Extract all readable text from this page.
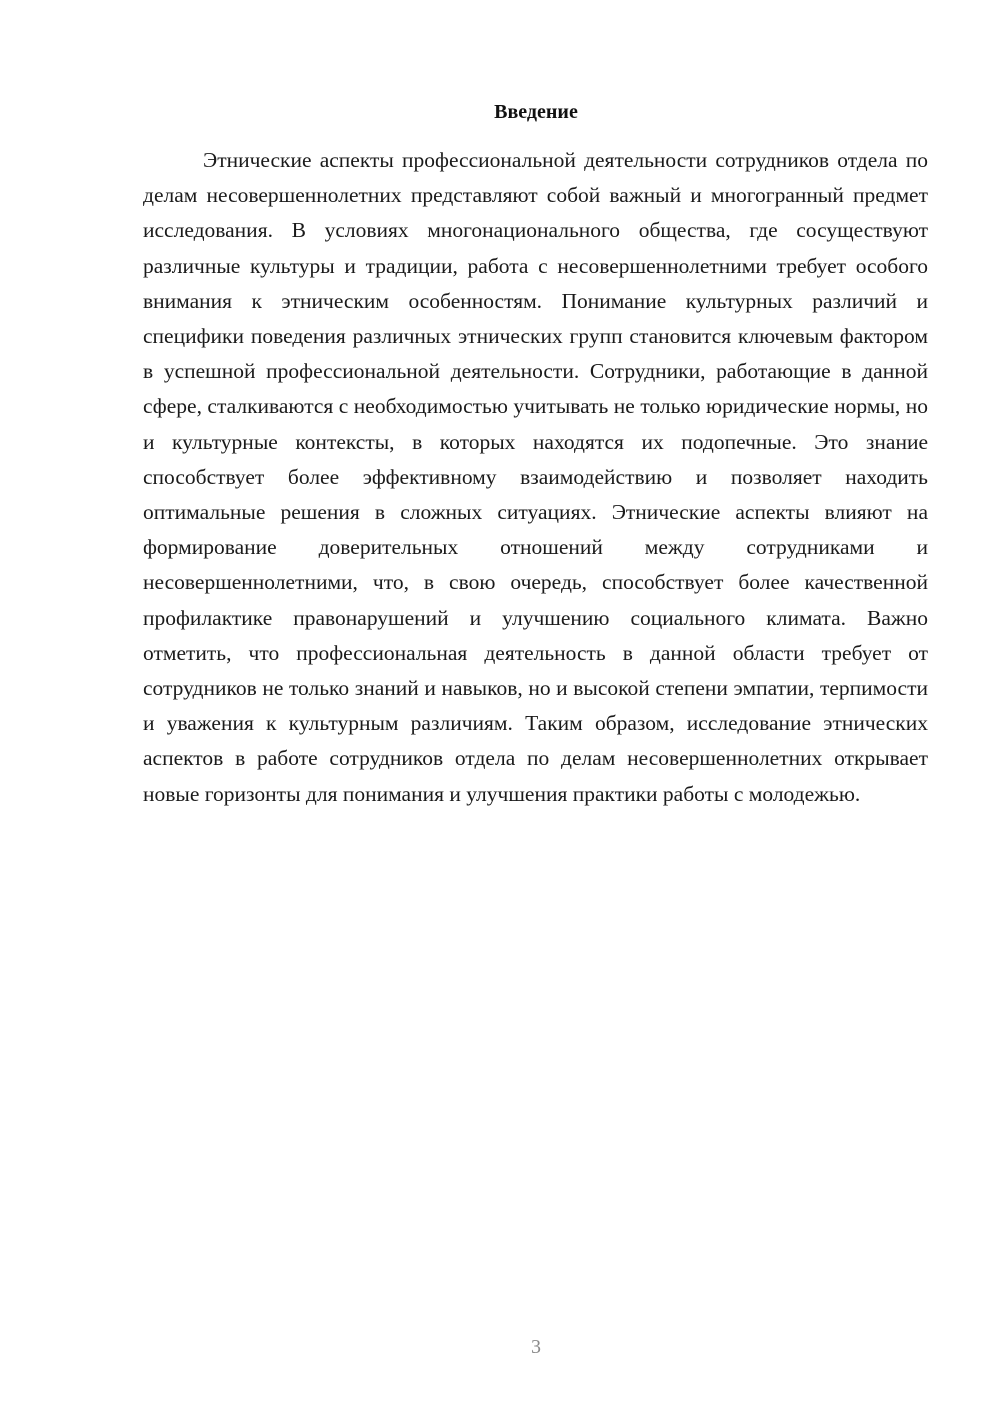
Введение

Этнические аспекты профессиональной деятельности сотрудников отдела по делам несовершеннолетних представляют собой важный и многогранный предмет исследования. В условиях многонационального общества, где сосуществуют различные культуры и традиции, работа с несовершеннолетними требует особого внимания к этническим особенностям. Понимание культурных различий и специфики поведения различных этнических групп становится ключевым фактором в успешной профессиональной деятельности. Сотрудники, работающие в данной сфере, сталкиваются с необходимостью учитывать не только юридические нормы, но и культурные контексты, в которых находятся их подопечные. Это знание способствует более эффективному взаимодействию и позволяет находить оптимальные решения в сложных ситуациях. Этнические аспекты влияют на формирование доверительных отношений между сотрудниками и несовершеннолетними, что, в свою очередь, способствует более качественной профилактике правонарушений и улучшению социального климата. Важно отметить, что профессиональная деятельность в данной области требует от сотрудников не только знаний и навыков, но и высокой степени эмпатии, терпимости и уважения к культурным различиям. Таким образом, исследование этнических аспектов в работе сотрудников отдела по делам несовершеннолетних открывает новые горизонты для понимания и улучшения практики работы с молодежью.

3
